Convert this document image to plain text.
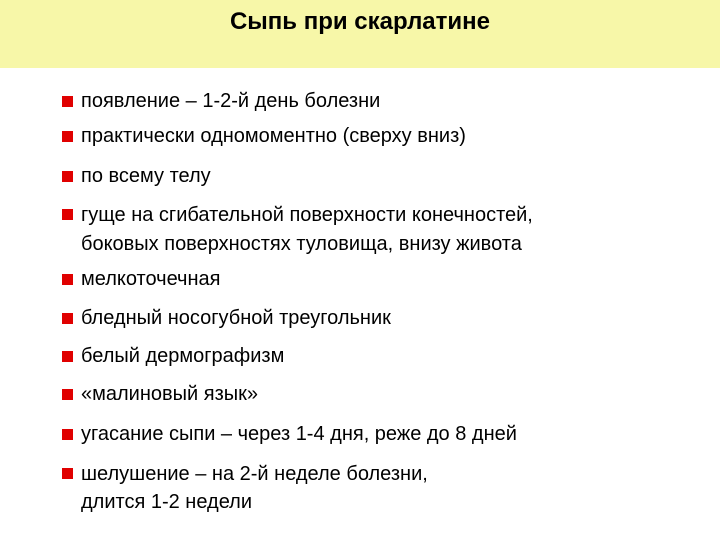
Сыпь при скарлатине
появление – 1-2-й день болезни
практически одномоментно (сверху вниз)
по всему телу
гуще на сгибательной поверхности конечностей,
боковых поверхностях туловища, внизу живота
мелкоточечная
бледный носогубной треугольник
белый дермографизм
«малиновый язык»
угасание сыпи – через 1-4 дня, реже до 8 дней
шелушение – на 2-й неделе болезни,
длится 1-2 недели
